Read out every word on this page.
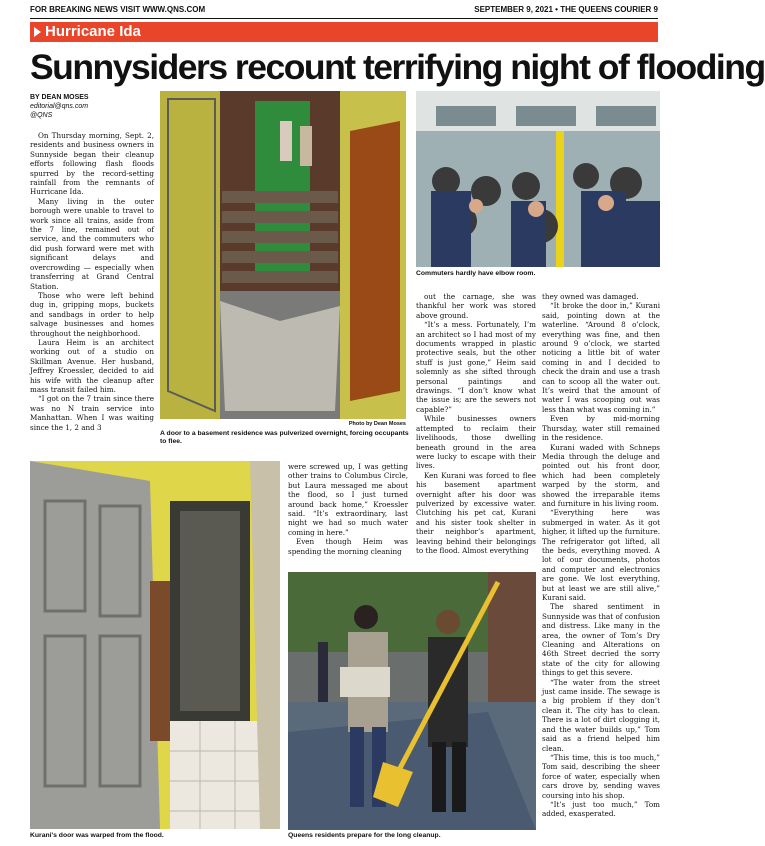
FOR BREAKING NEWS VISIT WWW.QNS.COM	SEPTEMBER 9, 2021 • THE QUEENS COURIER 9
Hurricane Ida
Sunnysiders recount terrifying night of flooding
BY DEAN MOSES
editorial@qns.com
@QNS

On Thursday morning, Sept. 2, residents and business owners in Sunnyside began their cleanup efforts following flash floods spurred by the record-setting rainfall from the remnants of Hurricane Ida.

Many living in the outer borough were unable to travel to work since all trains, aside from the 7 line, remained out of service, and the commuters who did push forward were met with significant delays and overcrowding — especially when transferring at Grand Central Station.

Those who were left behind dug in, gripping mops, buckets and sandbags in order to help salvage businesses and homes throughout the neighborhood.

Laura Heim is an architect working out of a studio on Skillman Avenue. Her husband, Jeffrey Kroessler, decided to aid his wife with the cleanup after mass transit failed him.

“I got on the 7 train since there was no N train service into Manhattan. When I was waiting since the 1, 2 and 3	Photo by Dean Moses
A door to a basement residence was pulverized overnight, forcing occupants to flee.
Commuters hardly have elbow room.

out the carnage, she was thankful her work was stored above ground.

“It’s a mess. Fortunately, I’m an architect so I had most of my documents wrapped in plastic protective seals, but the other stuff is just gone,” Heim said solemnly as she sifted through personal paintings and drawings. “I don’t know what the issue is; are the sewers not capable?”

While businesses owners attempted to reclaim their livelihoods, those dwelling beneath ground in the area were lucky to escape with their lives.

Ken Kurani was forced to flee his basement apartment overnight after his door was pulverized by excessive water. Clutching his pet cat, Kurani and his sister took shelter in their neighbor’s apartment, leaving behind their belongings to the flood. Almost everything

they owned was damaged.

“It broke the door in,” Kurani said, pointing down at the waterline. “Around 8 o’clock, everything was fine, and then around 9 o’clock, we started noticing a little bit of water coming in and I decided to check the drain and use a trash can to scoop all the water out. It’s weird that the amount of water I was scooping out was less than what was coming in.”

Even by mid-morning Thursday, water still remained in the residence.

Kurani waded with Schneps Media through the deluge and pointed out his front door, which had been completely warped by the storm, and showed the irreparable items and furniture in his living room.

“Everything here was submerged in water. As it got higher, it lifted up the furniture. The refrigerator got lifted, all the beds, everything moved. A lot of our documents, photos and computer and electronics are gone. We lost everything, but at least we are still alive,” Kurani said.

The shared sentiment in Sunnyside was that of confusion and distress. Like many in the area, the owner of Tom’s Dry Cleaning and Alterations on 46th Street decried the sorry state of the city for allowing things to get this severe.

“The water from the street just came inside. The sewage is a big problem if they don’t clean it. The city has to clean. There is a lot of dirt clogging it, and the water builds up,” Tom said as a friend helped him clean.

“This time, this is too much,” Tom said, describing the sheer force of water, especially when cars drove by, sending waves coursing into his shop.

“It’s just too much,” Tom added, exasperated.

Kurani's door was warped from the flood.

were screwed up, I was getting other trains to Columbus Circle, but Laura messaged me about the flood, so I just turned around back home,” Kroessler said. “It’s extraordinary, last night we had so much water coming in here.”

Even though Heim was spending the morning cleaning

Queens residents prepare for the long cleanup.
